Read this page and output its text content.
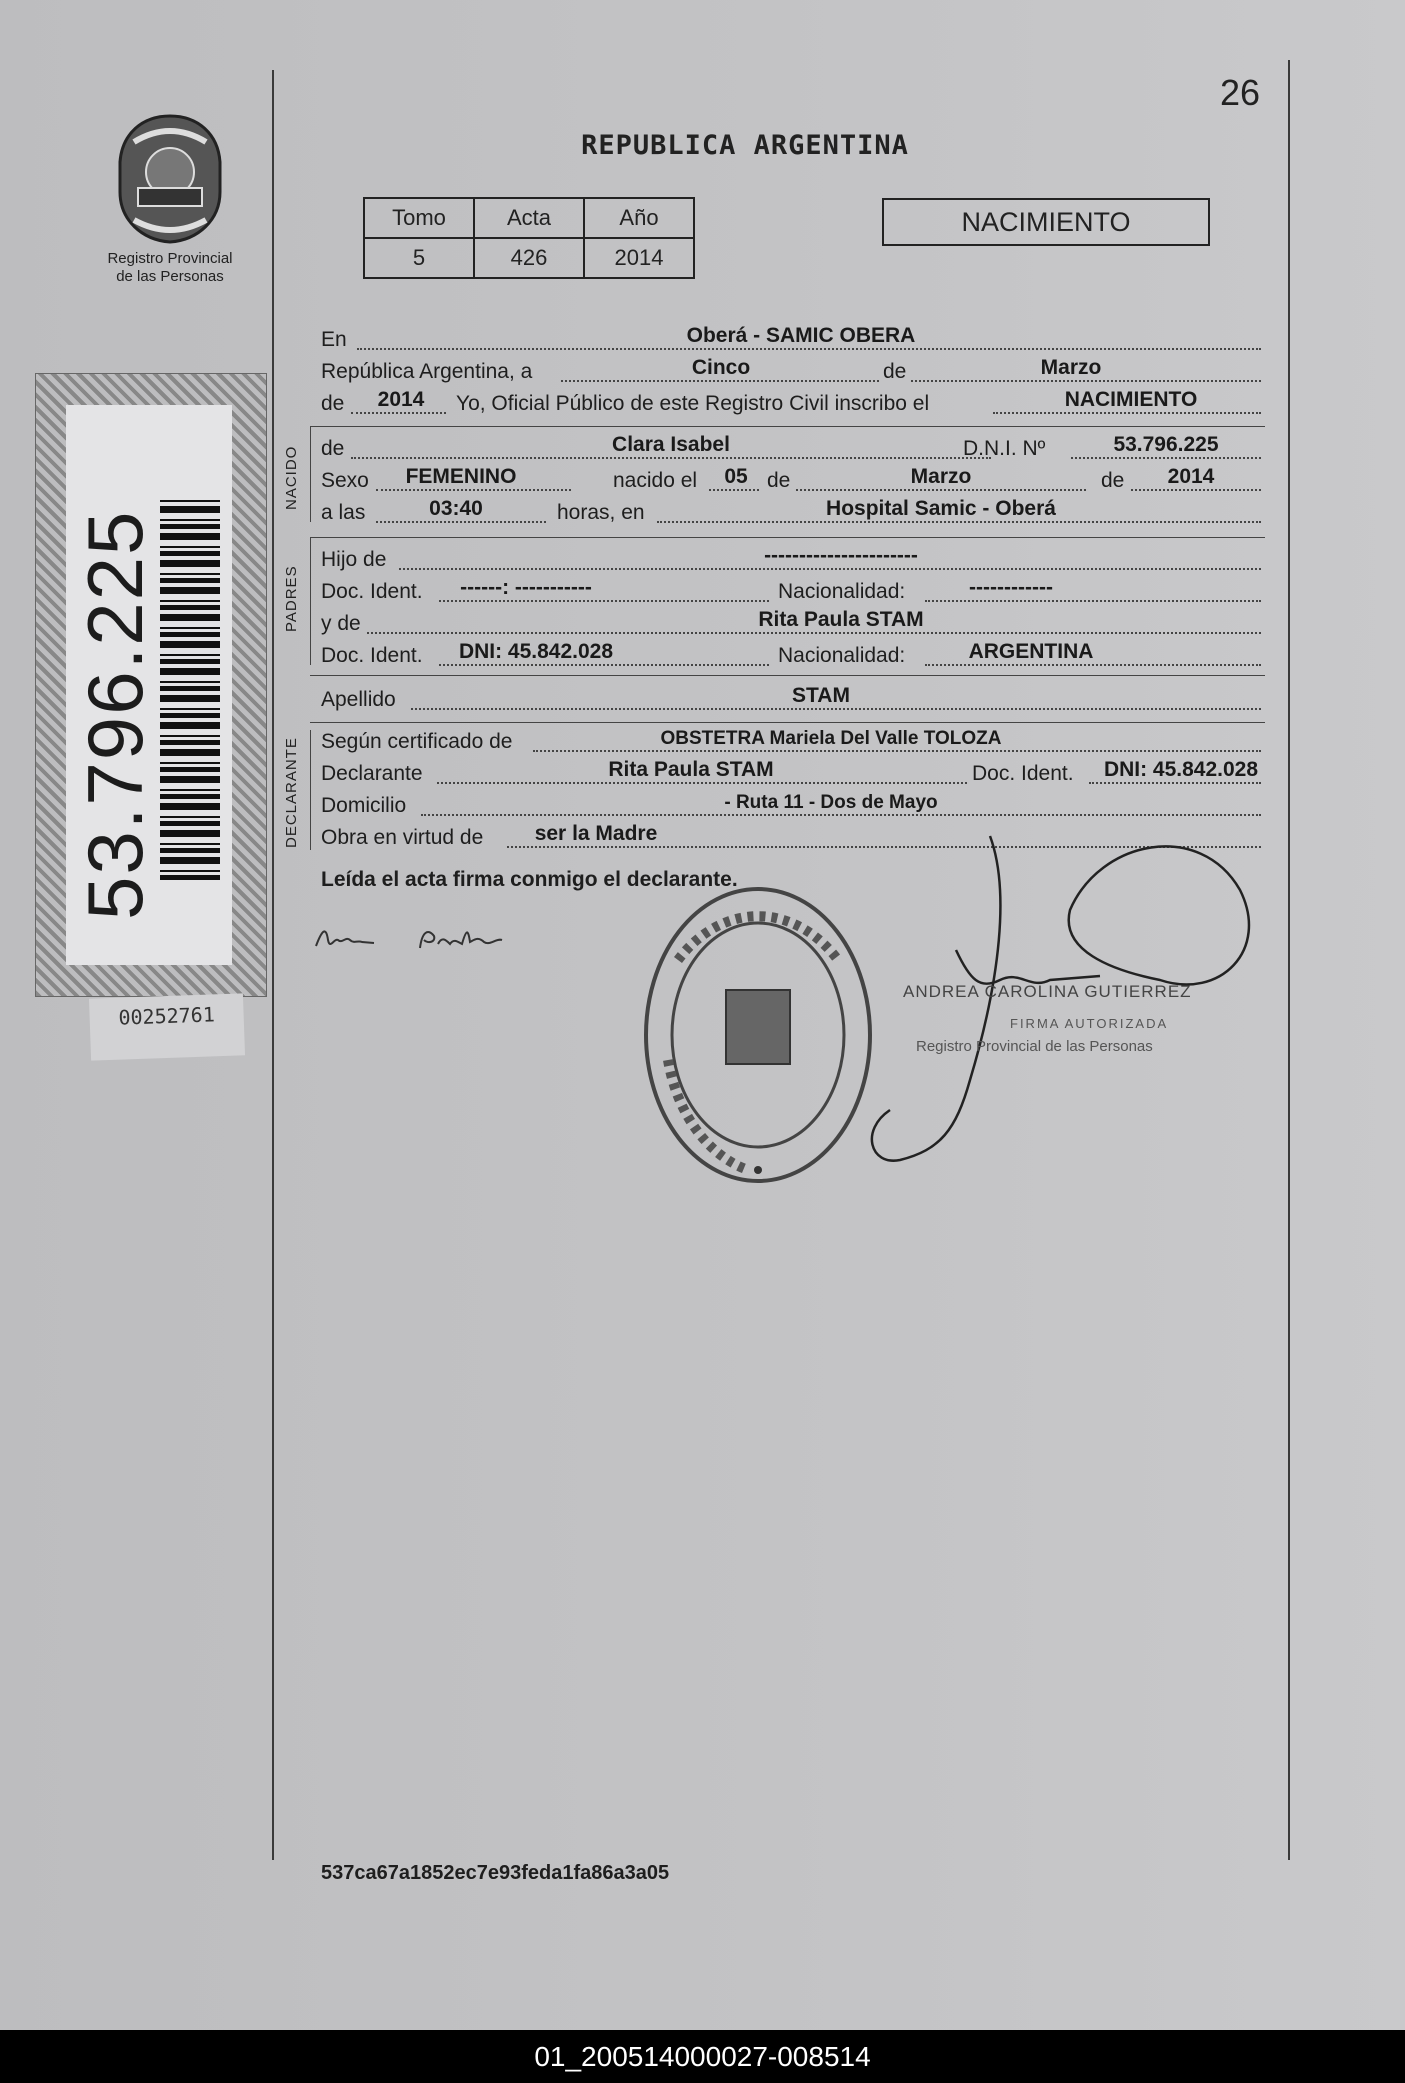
26
Registro Provincial
de las Personas
REPUBLICA ARGENTINA
Tomo	Acta	Año
5	426	2014
NACIMIENTO
53.796.225
00252761
En	Oberá - SAMIC OBERA
República Argentina, a	Cinco	de	Marzo
de	2014	Yo, Oficial Público de este Registro Civil inscribo el	NACIMIENTO
NACIDO de	Clara Isabel	D.N.I. Nº	53.796.225
Sexo	FEMENINO	nacido el	05 de	Marzo	de	2014
a las	03:40	horas, en	Hospital Samic - Oberá
PADRES
Hijo de	----------------------
Doc. Ident.	------: -----------	Nacionalidad:	------------
y de	Rita Paula STAM
Doc. Ident.	DNI: 45.842.028	Nacionalidad:	ARGENTINA
Apellido	STAM
DECLARANTE Según certificado de	OBSTETRA Mariela Del Valle TOLOZA
Declarante	Rita Paula STAM	Doc. Ident.	DNI: 45.842.028
Domicilio	- Ruta 11 - Dos de Mayo
Obra en virtud de	ser la Madre
Leída el acta firma conmigo el declarante.
ANDREA CAROLINA GUTIERREZ
FIRMA AUTORIZADA
Registro Provincial de las Personas
537ca67a1852ec7e93feda1fa86a3a05
01_200514000027-008514
